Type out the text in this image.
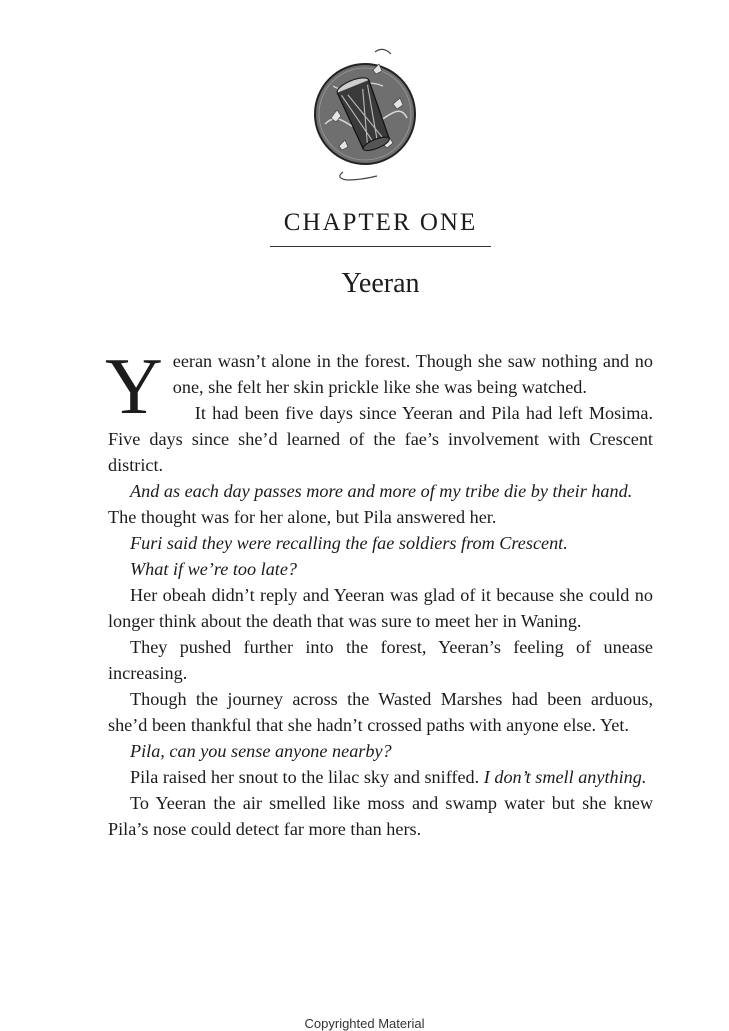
CHAPTER ONE
Yeeran

Yeeran wasn’t alone in the forest. Though she saw nothing and no one, she felt her skin prickle like she was being watched.

It had been five days since Yeeran and Pila had left Mosima. Five days since she’d learned of the fae’s involvement with Crescent district.

And as each day passes more and more of my tribe die by their hand.

The thought was for her alone, but Pila answered her.

Furi said they were recalling the fae soldiers from Crescent.

What if we’re too late?

Her obeah didn’t reply and Yeeran was glad of it because she could no longer think about the death that was sure to meet her in Waning.

They pushed further into the forest, Yeeran’s feeling of unease increasing.

Though the journey across the Wasted Marshes had been arduous, she’d been thankful that she hadn’t crossed paths with anyone else. Yet.

Pila, can you sense anyone nearby?

Pila raised her snout to the lilac sky and sniffed. I don’t smell anything.

To Yeeran the air smelled like moss and swamp water but she knew Pila’s nose could detect far more than hers.

Copyrighted Material
